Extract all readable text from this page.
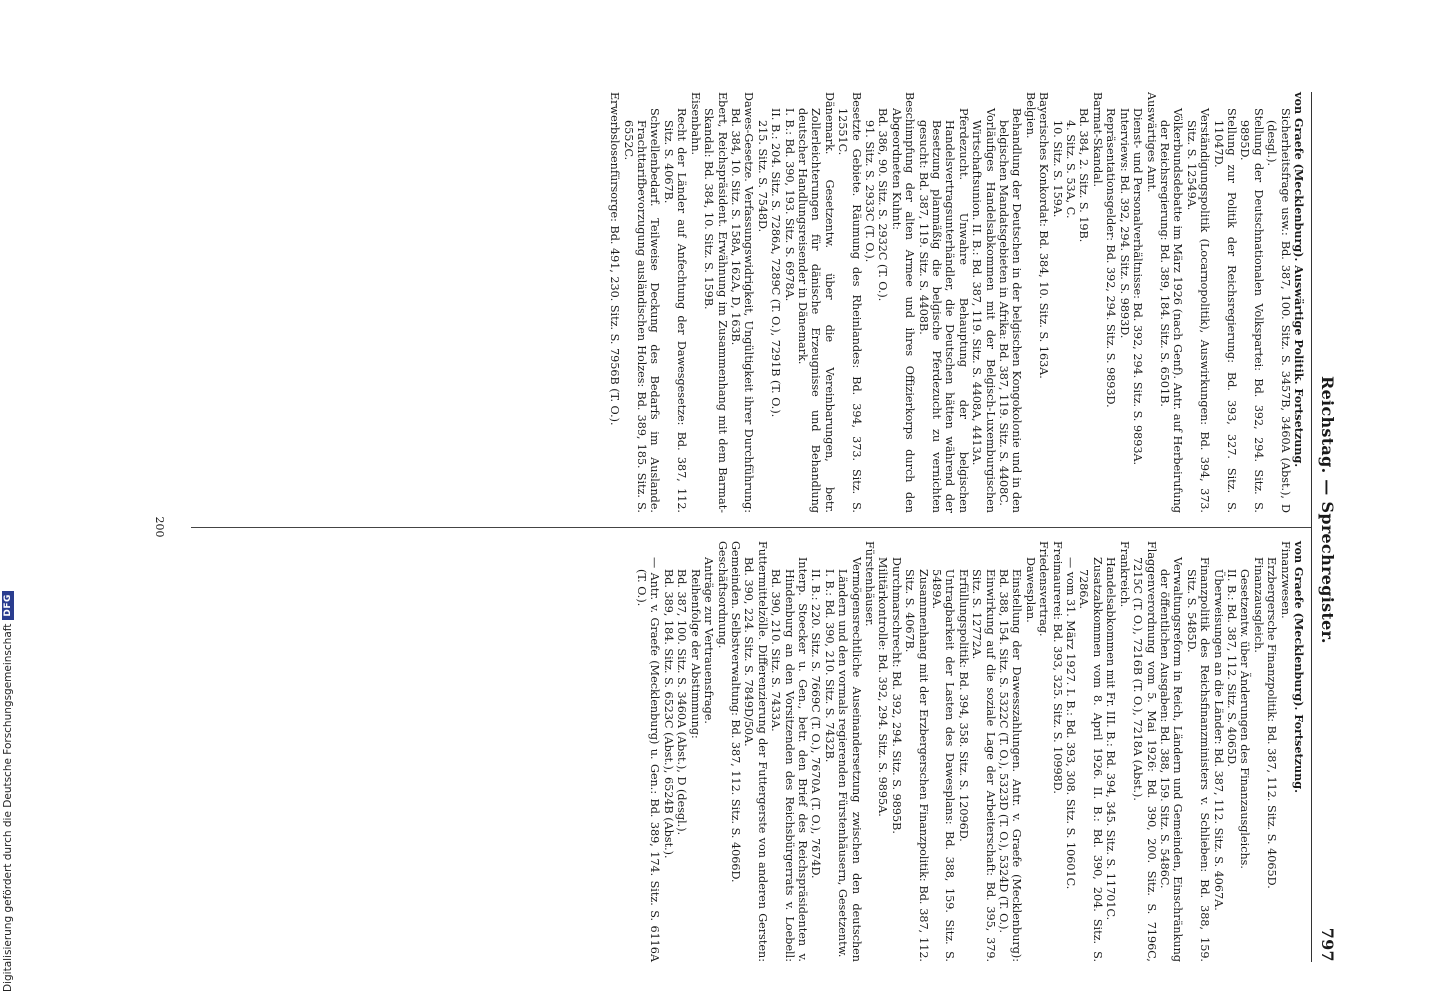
Reichstag. — Sprechregister.
797
von Graefe (Mecklenburg). Auswärtige Politik. Fortsetzung.
Sicherheitsfrage usw.: Bd. 387, 100. Sitz. S. 3457B, 3460A (Abst.), D (desgl.).
Stellung der Deutschnationalen Volkspartei: Bd. 392, 294. Sitz. S. 9895D.
Stellung zur Politik der Reichsregierung: Bd. 393, 327. Sitz. S. 11047D.
Verständigungspolitik (Locarnopolitik), Auswirkungen: Bd. 394, 373. Sitz. S. 12549A.
Völkerbundsdebatte im März 1926 (nach Genf). Antr. auf Herbeirufung der Reichsregierung: Bd. 389, 184. Sitz. S. 6501B.
Auswärtiges Amt.
Dienst- und Personalverhältnisse: Bd. 392, 294. Sitz. S. 9893A.
Interviews: Bd. 392, 294. Sitz. S. 9893D.
Repräsentationsgelder: Bd. 392, 294. Sitz. S. 9893D.
Barmat-Skandal.
Bd. 384, 2. Sitz. S. 19B.
4. Sitz. S. 53A, C.
10. Sitz. S. 159A.
Bayerisches Konkordat: Bd. 384, 10. Sitz. S. 163A.
Belgien.
Behandlung der Deutschen in der belgischen Kongokolonie und in den belgischen Mandatsgebieten in Afrika: Bd. 387, 119. Sitz. S. 4408C.
Vorläufiges Handelsabkommen mit der Belgisch-Luxemburgischen Wirtschaftsunion. II. B.: Bd. 387, 119. Sitz. S. 4408A, 4413A.
Pferdezucht. Unwahre Behauptung der belgischen Handelsvertragsunterhändler, die Deutschen hätten während der Besetzung planmäßig die belgische Pferdezucht zu vernichten gesucht: Bd. 387, 119. Sitz. S. 4408B.
Beschimpfung der alten Armee und ihres Offizierkorps durch den Abgeordneten Kuhnt:
Bd. 386, 90. Sitz. S. 2932C (T. O.).
91. Sitz. S. 2933C (T. O.).
Besetzte Gebiete. Räumung des Rheinlandes: Bd. 394, 373. Sitz. S. 12551C.
Dänemark. Gesetzentw. über die Vereinbarungen, betr. Zollerleichterungen für dänische Erzeugnisse und Behandlung deutscher Handlungsreisender in Dänemark.
I. B.: Bd. 390, 193. Sitz. S. 6978A.
II. B.: 204. Sitz. S. 7286A, 7289C (T. O.), 7291B (T. O.).
215. Sitz. S. 7548D.
Dawes-Gesetze. Verfassungswidrigkeit, Ungültigkeit ihrer Durchführung: Bd. 384, 10. Sitz. S. 158A, 162A, D, 163B.
Ebert, Reichspräsident. Erwähnung im Zusammenhang mit dem Barmat-Skandal: Bd. 384, 10. Sitz. S. 159B.
Eisenbahn.
Recht der Länder auf Anfechtung der Dawesgesetze: Bd. 387, 112. Sitz. S. 4067B.
Schwellenbedarf. Teilweise Deckung des Bedarfs im Auslande. Frachttarifbevorzugung ausländischen Holzes: Bd. 389, 185. Sitz. S. 6552C.
Erwerbslosenfürsorge: Bd. 491, 230. Sitz. S. 7956B (T. O.).
von Graefe (Mecklenburg). Fortsetzung.
Finanzwesen.
Erzbergersche Finanzpolitik: Bd. 387, 112. Sitz. S. 4065D.
Finanzausgleich.
Gesetzentw. über Änderungen des Finanzausgleichs.
II. B.: Bd. 387, 112. Sitz. S. 4065D.
Überweisungen an die Länder: Bd. 387, 112. Sitz. S. 4067A.
Finanzpolitik des Reichsfinanzministers v. Schlieben: Bd. 388, 159. Sitz. S. 5485D.
Verwaltungsreform in Reich, Ländern und Gemeinden, Einschränkung der öffentlichen Ausgaben: Bd. 388, 159. Sitz. S. 5486C.
Flaggenverordnung vom 5. Mai 1926: Bd. 390, 200. Sitz. S. 7196C, 7215C (T. O.), 7216B (T. O.), 7218A (Abst.).
Frankreich.
Handelsabkommen mit Fr. III. B.: Bd. 394, 345. Sitz. S. 11701C.
Zusatzabkommen vom 8. April 1926. II. B.: Bd. 390, 204. Sitz. S. 7286A.
— vom 31. März 1927. I. B.: Bd. 393, 308. Sitz. S. 10601C.
Freimaurerei: Bd. 393, 325. Sitz. S. 10998D.
Friedensvertrag.
Dawesplan.
Einstellung der Dawesszahlungen. Antr. v. Graefe (Mecklenburg): Bd. 388, 154. Sitz. S. 5322C (T. O.), 5323D (T. O.), 5324D (T. O.).
Einwirkung auf die soziale Lage der Arbeiterschaft: Bd. 395, 379. Sitz. S. 12772A.
Erfüllungspolitik: Bd. 394, 358. Sitz. S. 12096D.
Untragbarkeit der Lasten des Dawesplans: Bd. 388, 159. Sitz. S. 5489A.
Zusammenhang mit der Erzbergerschen Finanzpolitik: Bd. 387, 112. Sitz. S. 4067B.
Durchmarschrecht: Bd. 392, 294. Sitz. S. 9895B.
Militärkontrolle: Bd. 392, 294. Sitz. S. 9895A.
Fürstenhäuser.
Vermögensrechtliche Auseinandersetzung zwischen den deutschen Ländern und den vormals regierenden Fürstenhäusern, Gesetzentw.
I. B.: Bd. 390, 210. Sitz. S. 7432B.
II. B.: 220. Sitz. S. 7669C (T. O.), 7670A (T. O.), 7674D.
Interp. Stoecker u. Gen., betr. den Brief des Reichspräsidenten v. Hindenburg an den Vorsitzenden des Reichsbürgerrats v. Loebell: Bd. 390, 210. Sitz. S. 7433A.
Futtermittelzölle. Differenzierung der Futtergerste von anderen Gersten: Bd. 390, 224. Sitz. S. 7849D/50A.
Gemeinden. Selbstverwaltung: Bd. 387, 112. Sitz. S. 4066D.
Geschäftsordnung.
Anträge zur Vertrauensfrage.
Reihenfolge der Abstimmung:
Bd. 387, 100. Sitz. S. 3460A (Abst.), D (desgl.).
Bd. 389, 184. Sitz. S. 6523C (Abst.), 6524B (Abst.).
— Antr. v. Graefe (Mecklenburg) u. Gen.: Bd. 389, 174. Sitz. S. 6116A (T. O.).
200
Digitalisierung gefördert durch die Deutsche Forschungsgemeinschaft
DFG
